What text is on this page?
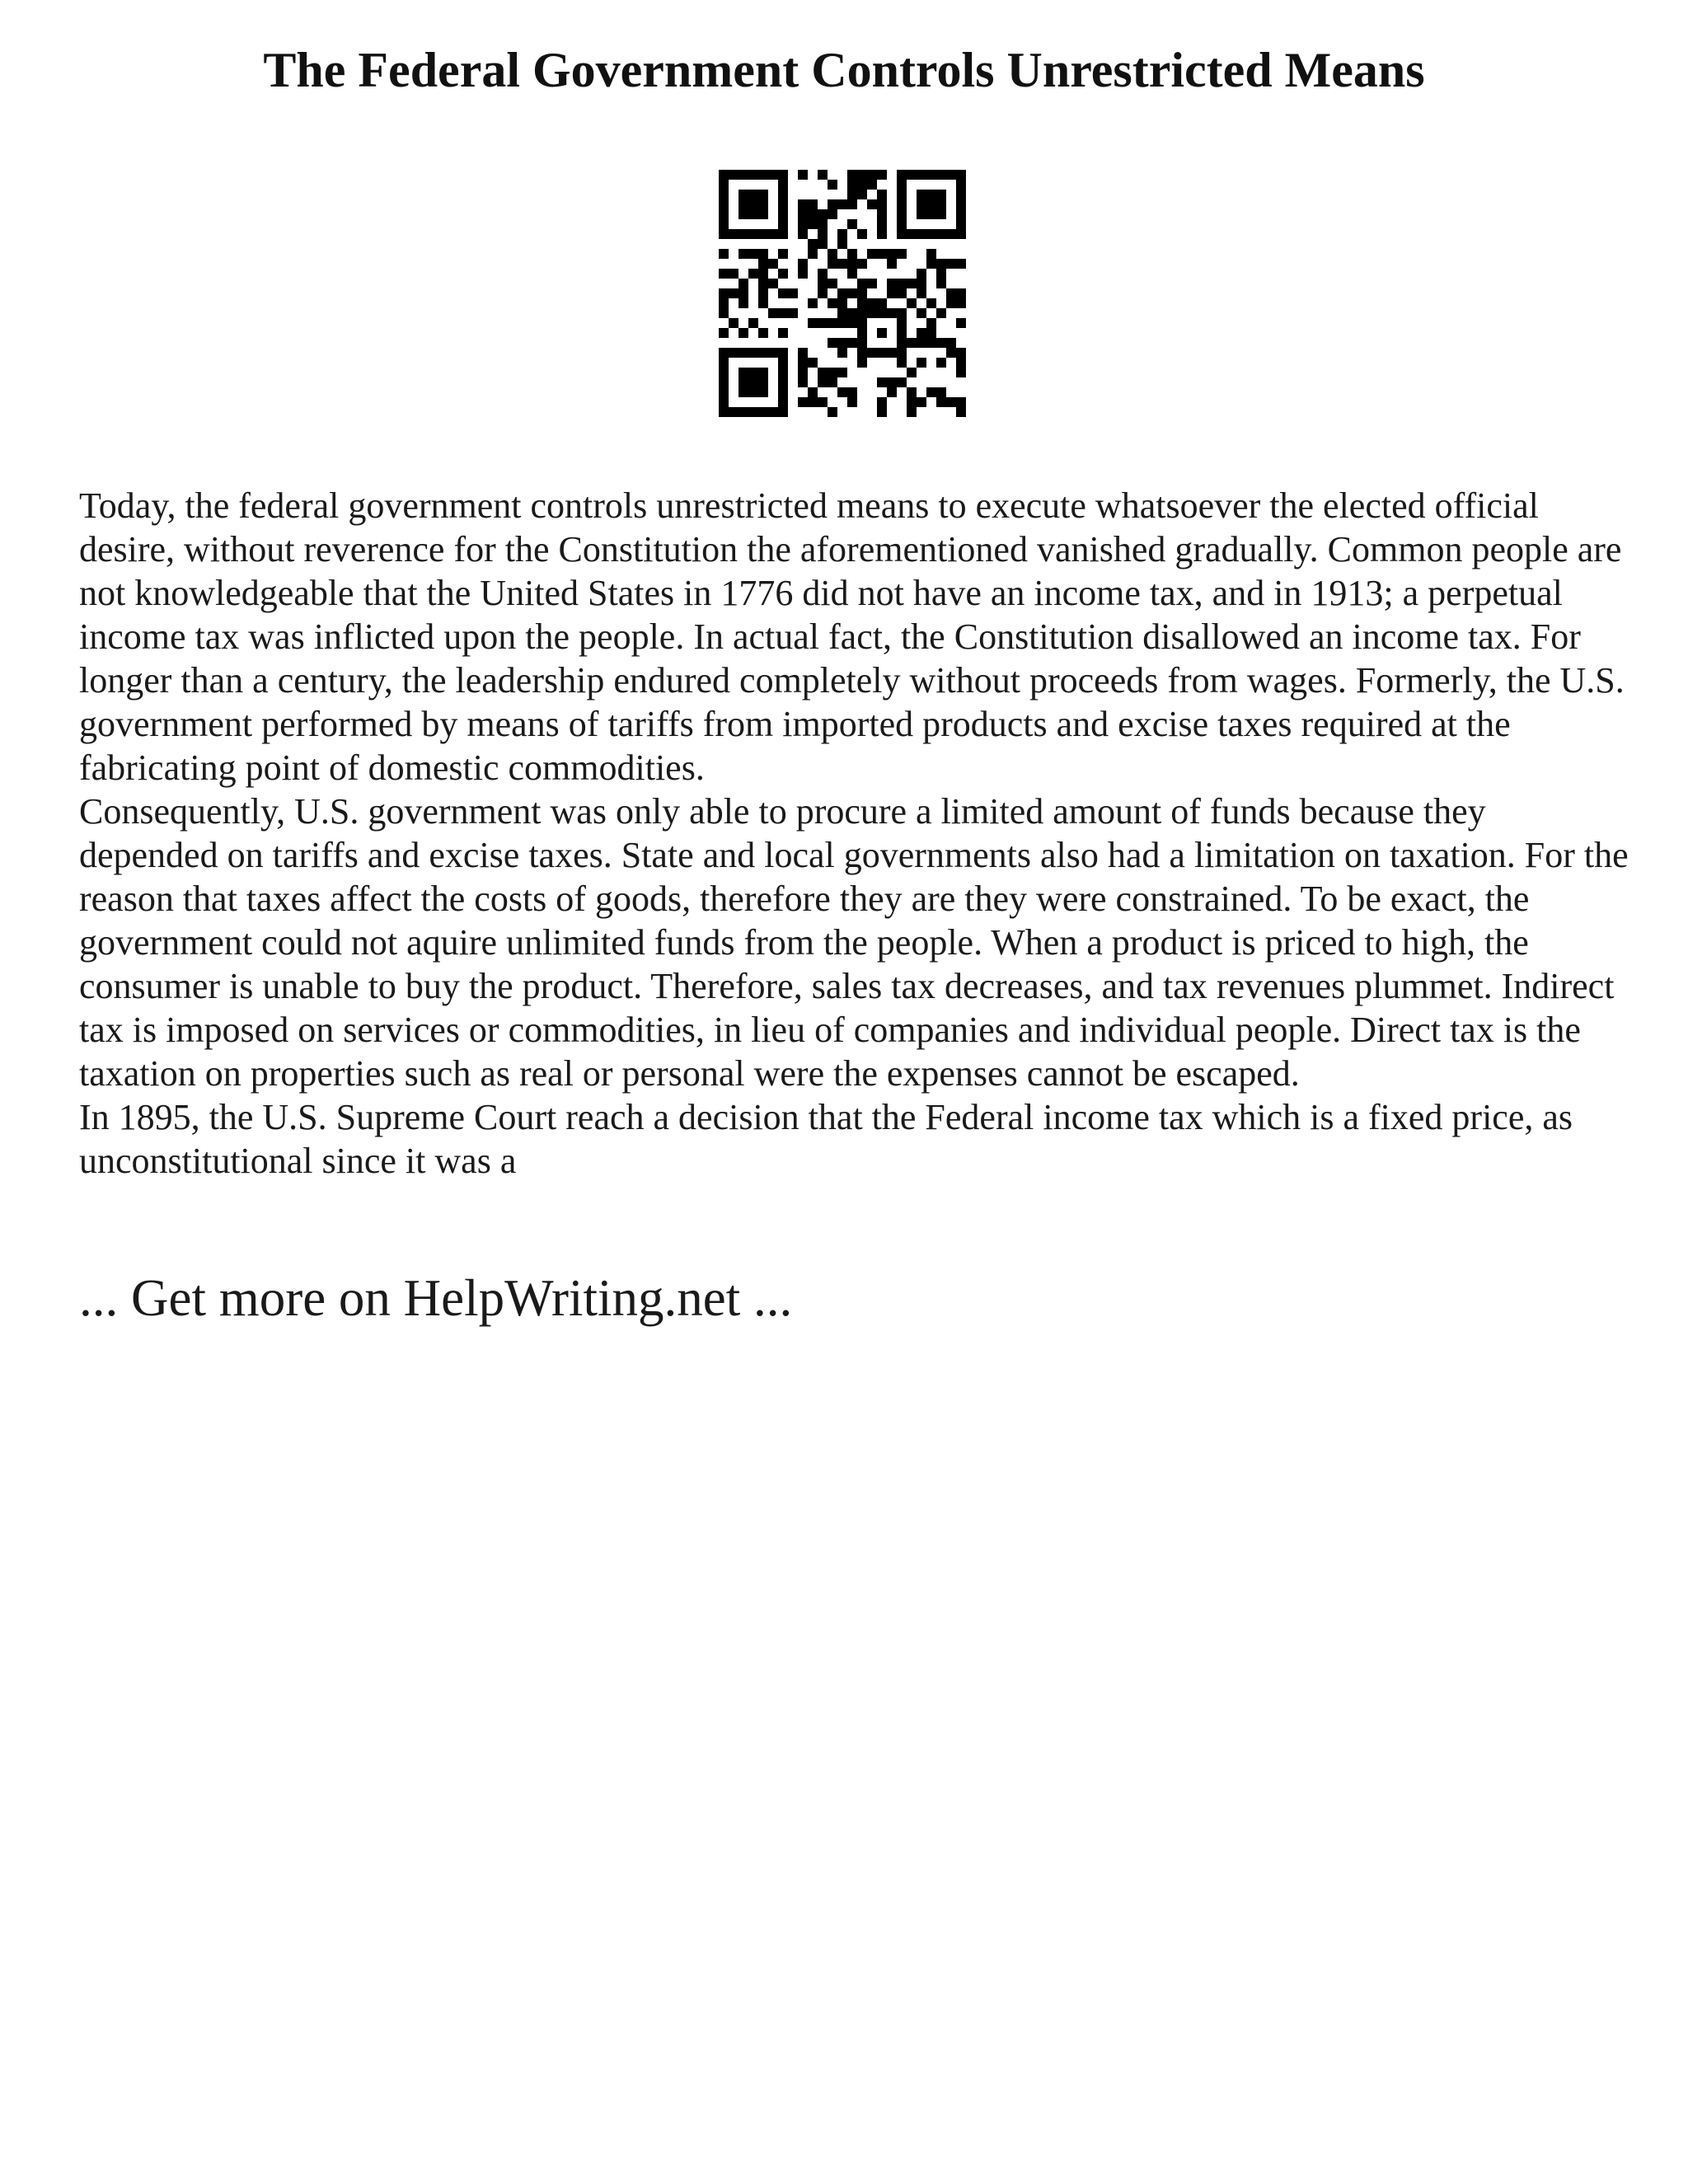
The Federal Government Controls Unrestricted Means

Today, the federal government controls unrestricted means to execute whatsoever the elected official desire, without reverence for the Constitution the aforementioned vanished gradually. Common people are not knowledgeable that the United States in 1776 did not have an income tax, and in 1913; a perpetual income tax was inflicted upon the people. In actual fact, the Constitution disallowed an income tax. For longer than a century, the leadership endured completely without proceeds from wages. Formerly, the U.S. government performed by means of tariffs from imported products and excise taxes required at the fabricating point of domestic commodities.

Consequently, U.S. government was only able to procure a limited amount of funds because they depended on tariffs and excise taxes. State and local governments also had a limitation on taxation. For the reason that taxes affect the costs of goods, therefore they are they were constrained. To be exact, the government could not aquire unlimited funds from the people. When a product is priced to high, the consumer is unable to buy the product. Therefore, sales tax decreases, and tax revenues plummet. Indirect tax is imposed on services or commodities, in lieu of companies and individual people. Direct tax is the taxation on properties such as real or personal were the expenses cannot be escaped.

In 1895, the U.S. Supreme Court reach a decision that the Federal income tax which is a fixed price, as unconstitutional since it was a

... Get more on HelpWriting.net ...
